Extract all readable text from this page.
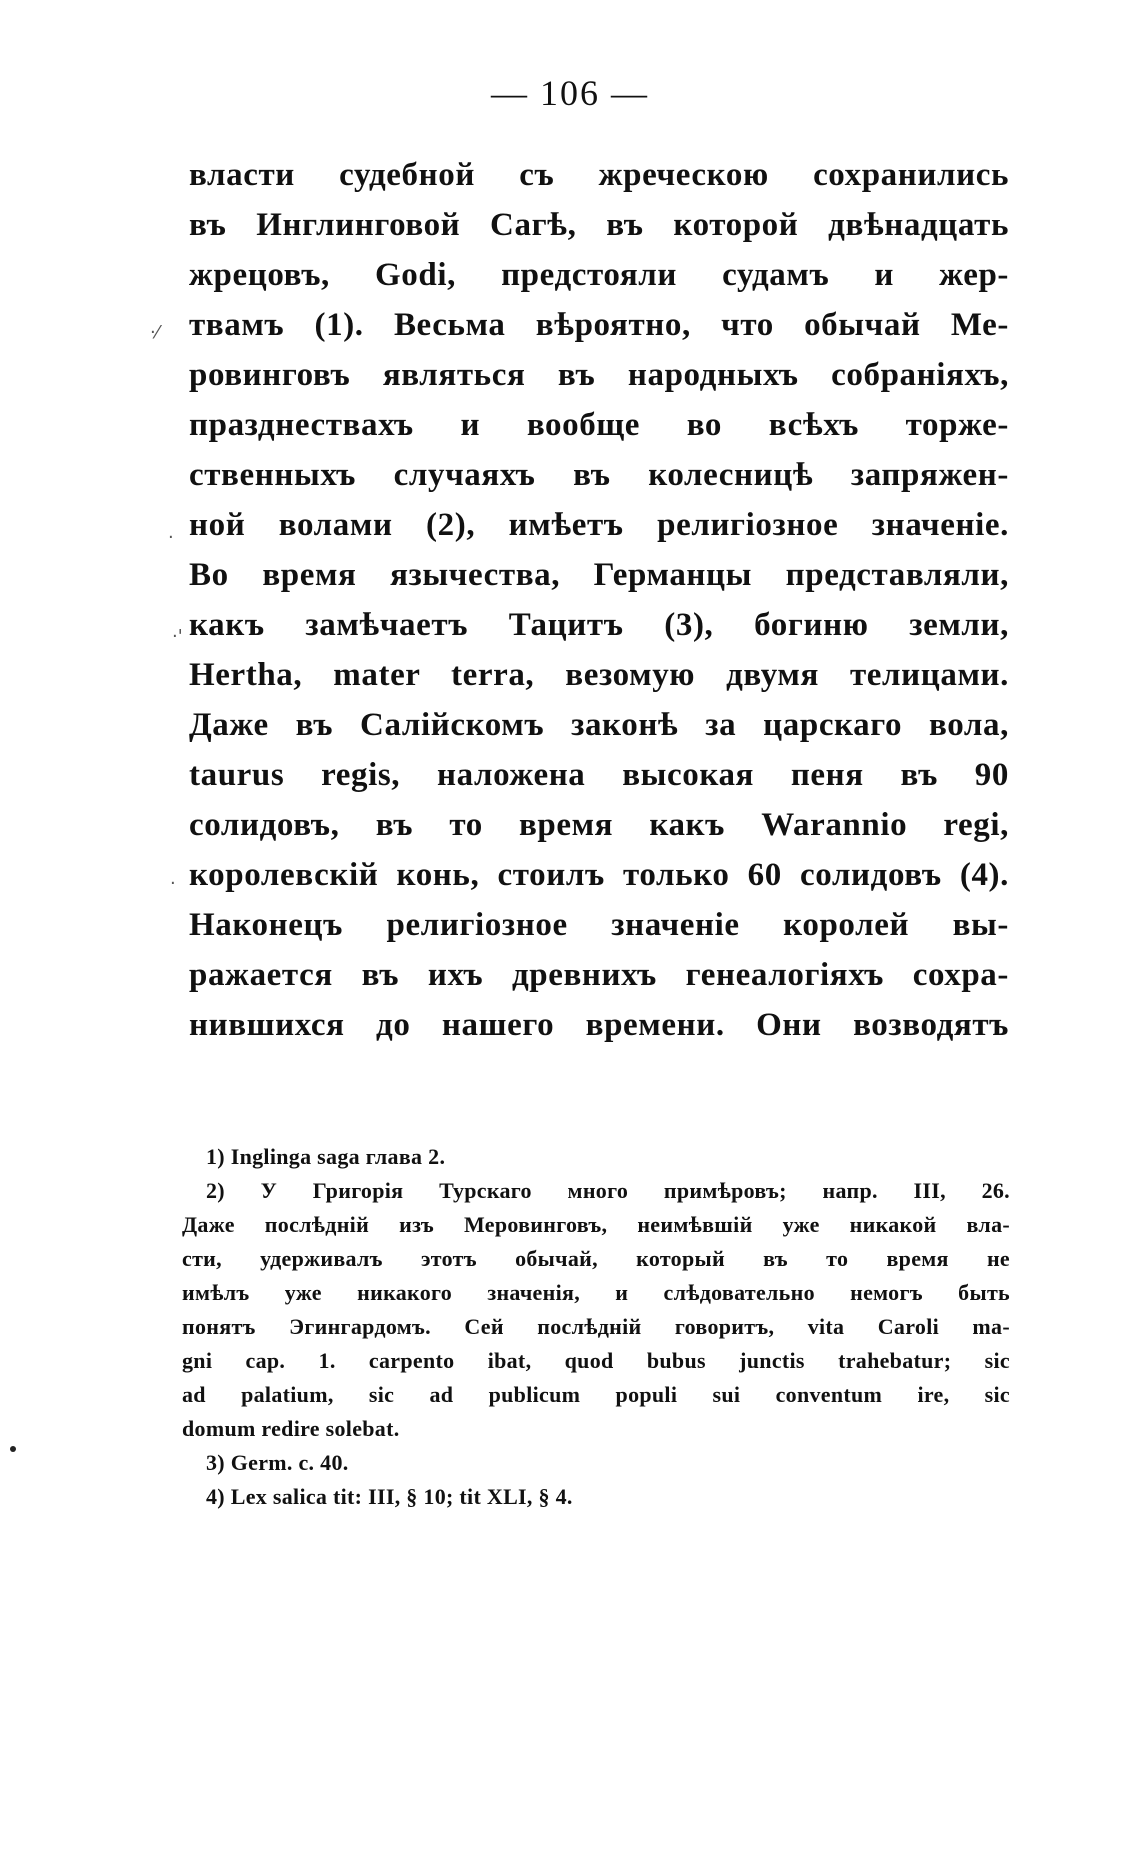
— 106 —
·⁄
·
·'
·
власти судебной съ жреческою сохранились
въ Инглинговой Сагѣ, въ которой двѣнадцать
жрецовъ, Godi, предстояли судамъ и жер-
твамъ (1). Весьма вѣроятно, что обычай Ме-
ровинговъ являться въ народныхъ собраніяхъ,
празднествахъ и вообще во всѣхъ торже-
ственныхъ случаяхъ въ колесницѣ запряжен-
ной волами (2), имѣетъ религіозное значеніе.
Во время язычества, Германцы представляли,
какъ замѣчаетъ Тацитъ (3), богиню земли,
Hertha, mater terra, везомую двумя телицами.
Даже въ Салійскомъ законѣ за царскаго вола,
taurus regis, наложена высокая пеня въ 90
солидовъ, въ то время какъ Warannio regi,
королевскій конь, стоилъ только 60 солидовъ (4).
Наконецъ религіозное значеніе королей вы-
ражается въ ихъ древнихъ генеалогіяхъ сохра-
нившихся до нашего времени. Они возводятъ
1) Inglinga saga глава 2.
2) У Григорія Турскаго много примѣровъ; напр. III, 26.
Даже послѣдній изъ Меровинговъ, неимѣвшій уже никакой вла-
сти, удерживалъ этотъ обычай, который въ то время не
имѣлъ уже никакого значенія, и слѣдовательно немогъ быть
понятъ Эгингардомъ. Сей послѣдній говоритъ, vita Caroli ma-
gni cap. 1. carpento ibat, quod bubus junctis trahebatur; sic
ad palatium, sic ad publicum populi sui conventum ire, sic
domum redire solebat.
3) Germ. c. 40.
4) Lex salica tit: III, § 10; tit XLI, § 4.
